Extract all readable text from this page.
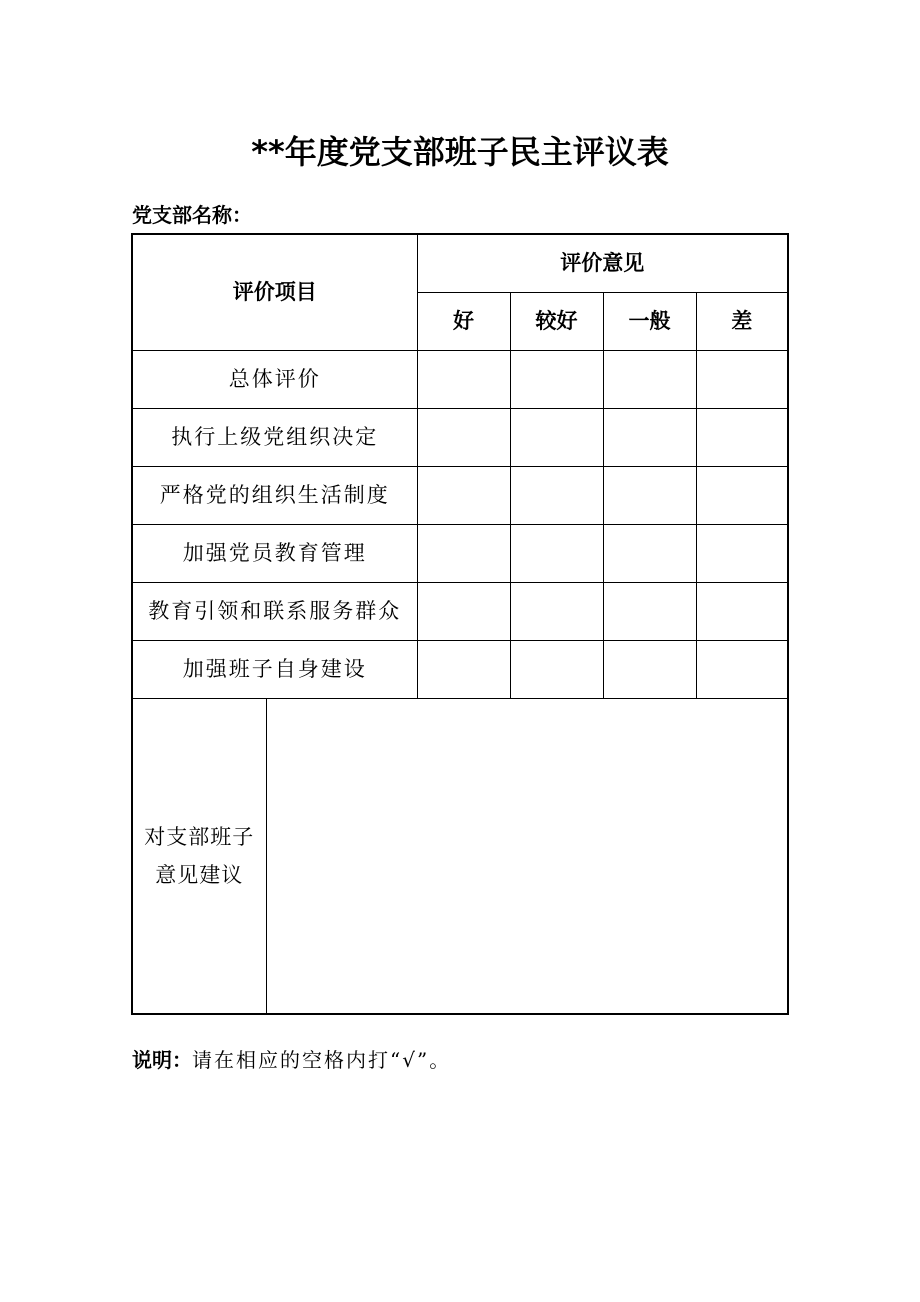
**年度党支部班子民主评议表
党支部名称：
评价项目		评价意见			
		好	较好	一般	差
总体评价					
执行上级党组织决定					
严格党的组织生活制度					
加强党员教育管理					
教育引领和联系服务群众					
加强班子自身建设					

对支部班子
意见建议					

说明：请在相应的空格内打“√”。
